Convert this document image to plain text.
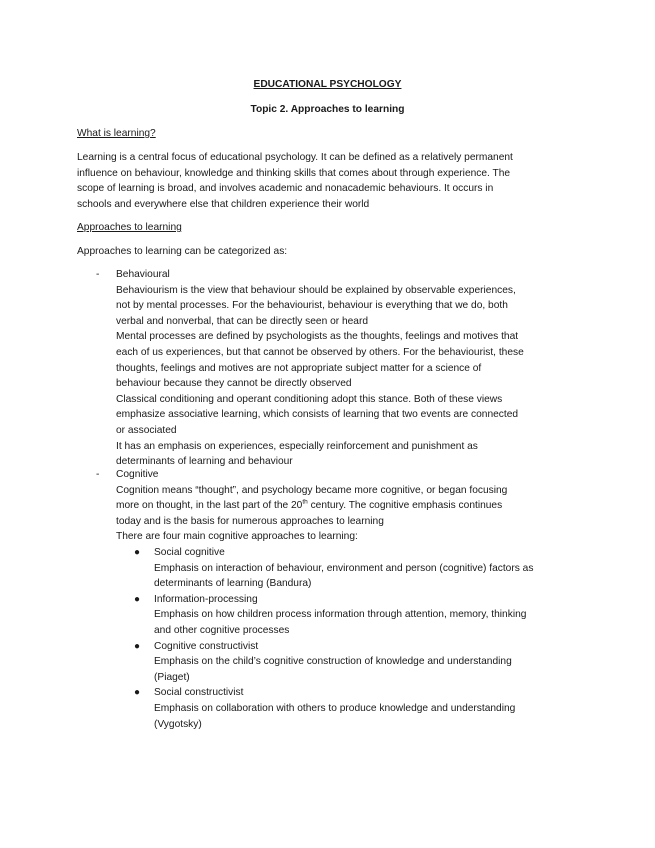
EDUCATIONAL PSYCHOLOGY
Topic 2. Approaches to learning
What is learning?
Learning is a central focus of educational psychology. It can be defined as a relatively permanent
influence on behaviour, knowledge and thinking skills that comes about through experience. The
scope of learning is broad, and involves academic and nonacademic behaviours. It occurs in
schools and everywhere else that children experience their world
Approaches to learning
Approaches to learning can be categorized as:
- Behavioural
Behaviourism is the view that behaviour should be explained by observable experiences,
not by mental processes. For the behaviourist, behaviour is everything that we do, both
verbal and nonverbal, that can be directly seen or heard
Mental processes are defined by psychologists as the thoughts, feelings and motives that
each of us experiences, but that cannot be observed by others. For the behaviourist, these
thoughts, feelings and motives are not appropriate subject matter for a science of
behaviour because they cannot be directly observed
Classical conditioning and operant conditioning adopt this stance. Both of these views
emphasize associative learning, which consists of learning that two events are connected
or associated
It has an emphasis on experiences, especially reinforcement and punishment as
determinants of learning and behaviour
- Cognitive
Cognition means “thought”, and psychology became more cognitive, or began focusing
more on thought, in the last part of the 20th century. The cognitive emphasis continues
today and is the basis for numerous approaches to learning
There are four main cognitive approaches to learning:
● Social cognitive
Emphasis on interaction of behaviour, environment and person (cognitive) factors as
determinants of learning (Bandura)
● Information-processing
Emphasis on how children process information through attention, memory, thinking
and other cognitive processes
● Cognitive constructivist
Emphasis on the child’s cognitive construction of knowledge and understanding
(Piaget)
● Social constructivist
Emphasis on collaboration with others to produce knowledge and understanding
(Vygotsky)
